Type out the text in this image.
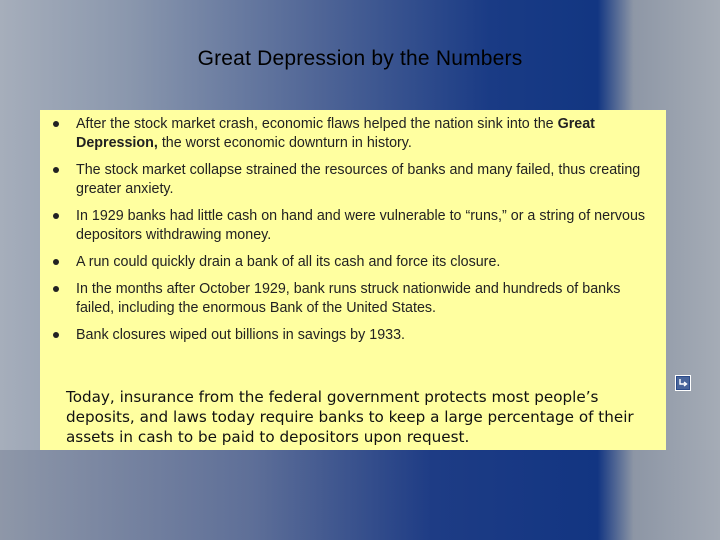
Great Depression by the Numbers
After the stock market crash, economic flaws helped the nation sink into the Great Depression, the worst economic downturn in history.
The stock market collapse strained the resources of banks and many failed, thus creating greater anxiety.
In 1929 banks had little cash on hand and were vulnerable to “runs,” or a string of nervous depositors withdrawing money.
A run could quickly drain a bank of all its cash and force its closure.
In the months after October 1929, bank runs struck nationwide and hundreds of banks failed, including the enormous Bank of the United States.
Bank closures wiped out billions in savings by 1933.
Today, insurance from the federal government protects most people’s deposits, and laws today require banks to keep a large percentage of their assets in cash to be paid to depositors upon request.
